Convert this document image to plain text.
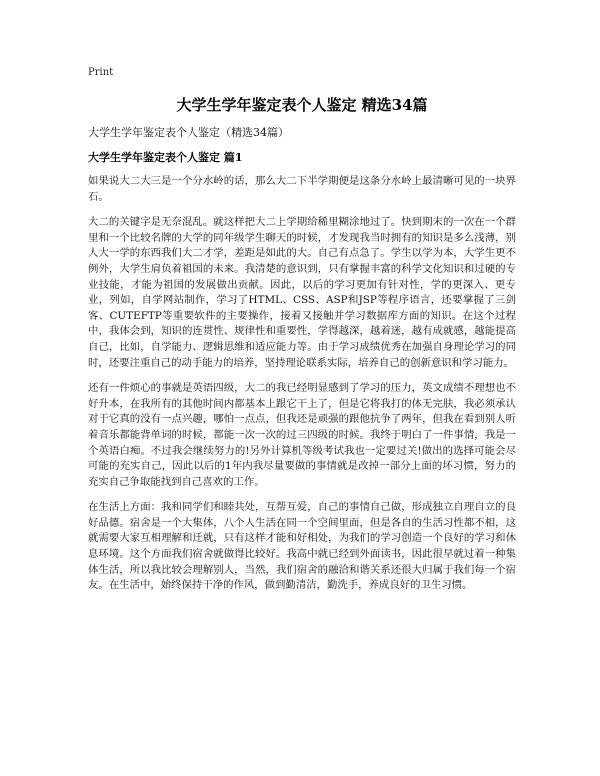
Print
大学生学年鉴定表个人鉴定 精选34篇
大学生学年鉴定表个人鉴定（精选34篇）
大学生学年鉴定表个人鉴定 篇1

如果说大二大三是一个分水岭的话，那么大二下半学期便是这条分水岭上最清晰可见的一块界石。

大二的关键字是无奈混乱。就这样把大二上学期给稀里糊涂地过了。快到期末的一次在一个群里和一个比较名牌的大学的同年级学生聊天的时候，才发现我当时拥有的知识是多么浅薄，别人大一学的东西我们大二才学，差距是如此的大。自己有点急了。学生以学为本，大学生更不例外，大学生肩负着祖国的未来。我清楚的意识到，只有掌握丰富的科学文化知识和过硬的专业技能，才能为祖国的发展做出贡献。因此，以后的学习更加有针对性，学的更深入、更专业，列如，自学网站制作，学习了HTML、CSS、ASP和JSP等程序语言，还要掌握了三剑客、CUTEFTP等重要软件的主要操作，接着又接触并学习数据库方面的知识。在这个过程中，我体会到，知识的连贯性、规律性和重要性，学得越深，越着迷，越有成就感，越能提高自己，比如，自学能力、逻辑思维和适应能力等。由于学习成绩优秀在加强自身理论学习的同时，还要注重自己的动手能力的培养，坚持理论联系实际，培养自己的创新意识和学习能力。

还有一件烦心的事就是英语四级，大二的我已经明显感到了学习的压力，英文成绩不理想也不好升本，在我所有的其他时间内都基本上跟它干上了，但是它将我打的体无完肤，我必须承认对于它真的没有一点兴趣，哪怕一点点，但我还是顽强的跟他抗争了两年，但我在看到别人听着音乐都能背单词的时候，都能一次一次的过三四级的时候。我终于明白了一件事情，我是一个英语白痴。不过我会继续努力的!另外计算机等级考试我也一定要过关!做出的选择可能会尽可能的充实自己，因此以后的1年内我尽量要做的事情就是改掉一部分上面的坏习惯，努力的充实自己争取能找到自己喜欢的工作。

在生活上方面：我和同学们和睦共处，互帮互爱，自己的事情自己做，形成独立自理自立的良好品德。宿舍是一个大集体，八个人生活在同一个空间里面，但是各自的生活习性都不相，这就需要大家互相理解和迁就，只有这样才能和好相处，为我们的学习创造一个良好的学习和休息环境。这个方面我们宿舍就做得比较好。我高中就已经到外面读书，因此很早就过着一种集体生活，所以我比较会理解别人，当然，我们宿舍的融洽和谐关系还很大归属于我们每一个宿友。在生活中，始终保持干净的作风，做到勤清洁，勤洗手，养成良好的卫生习惯。
